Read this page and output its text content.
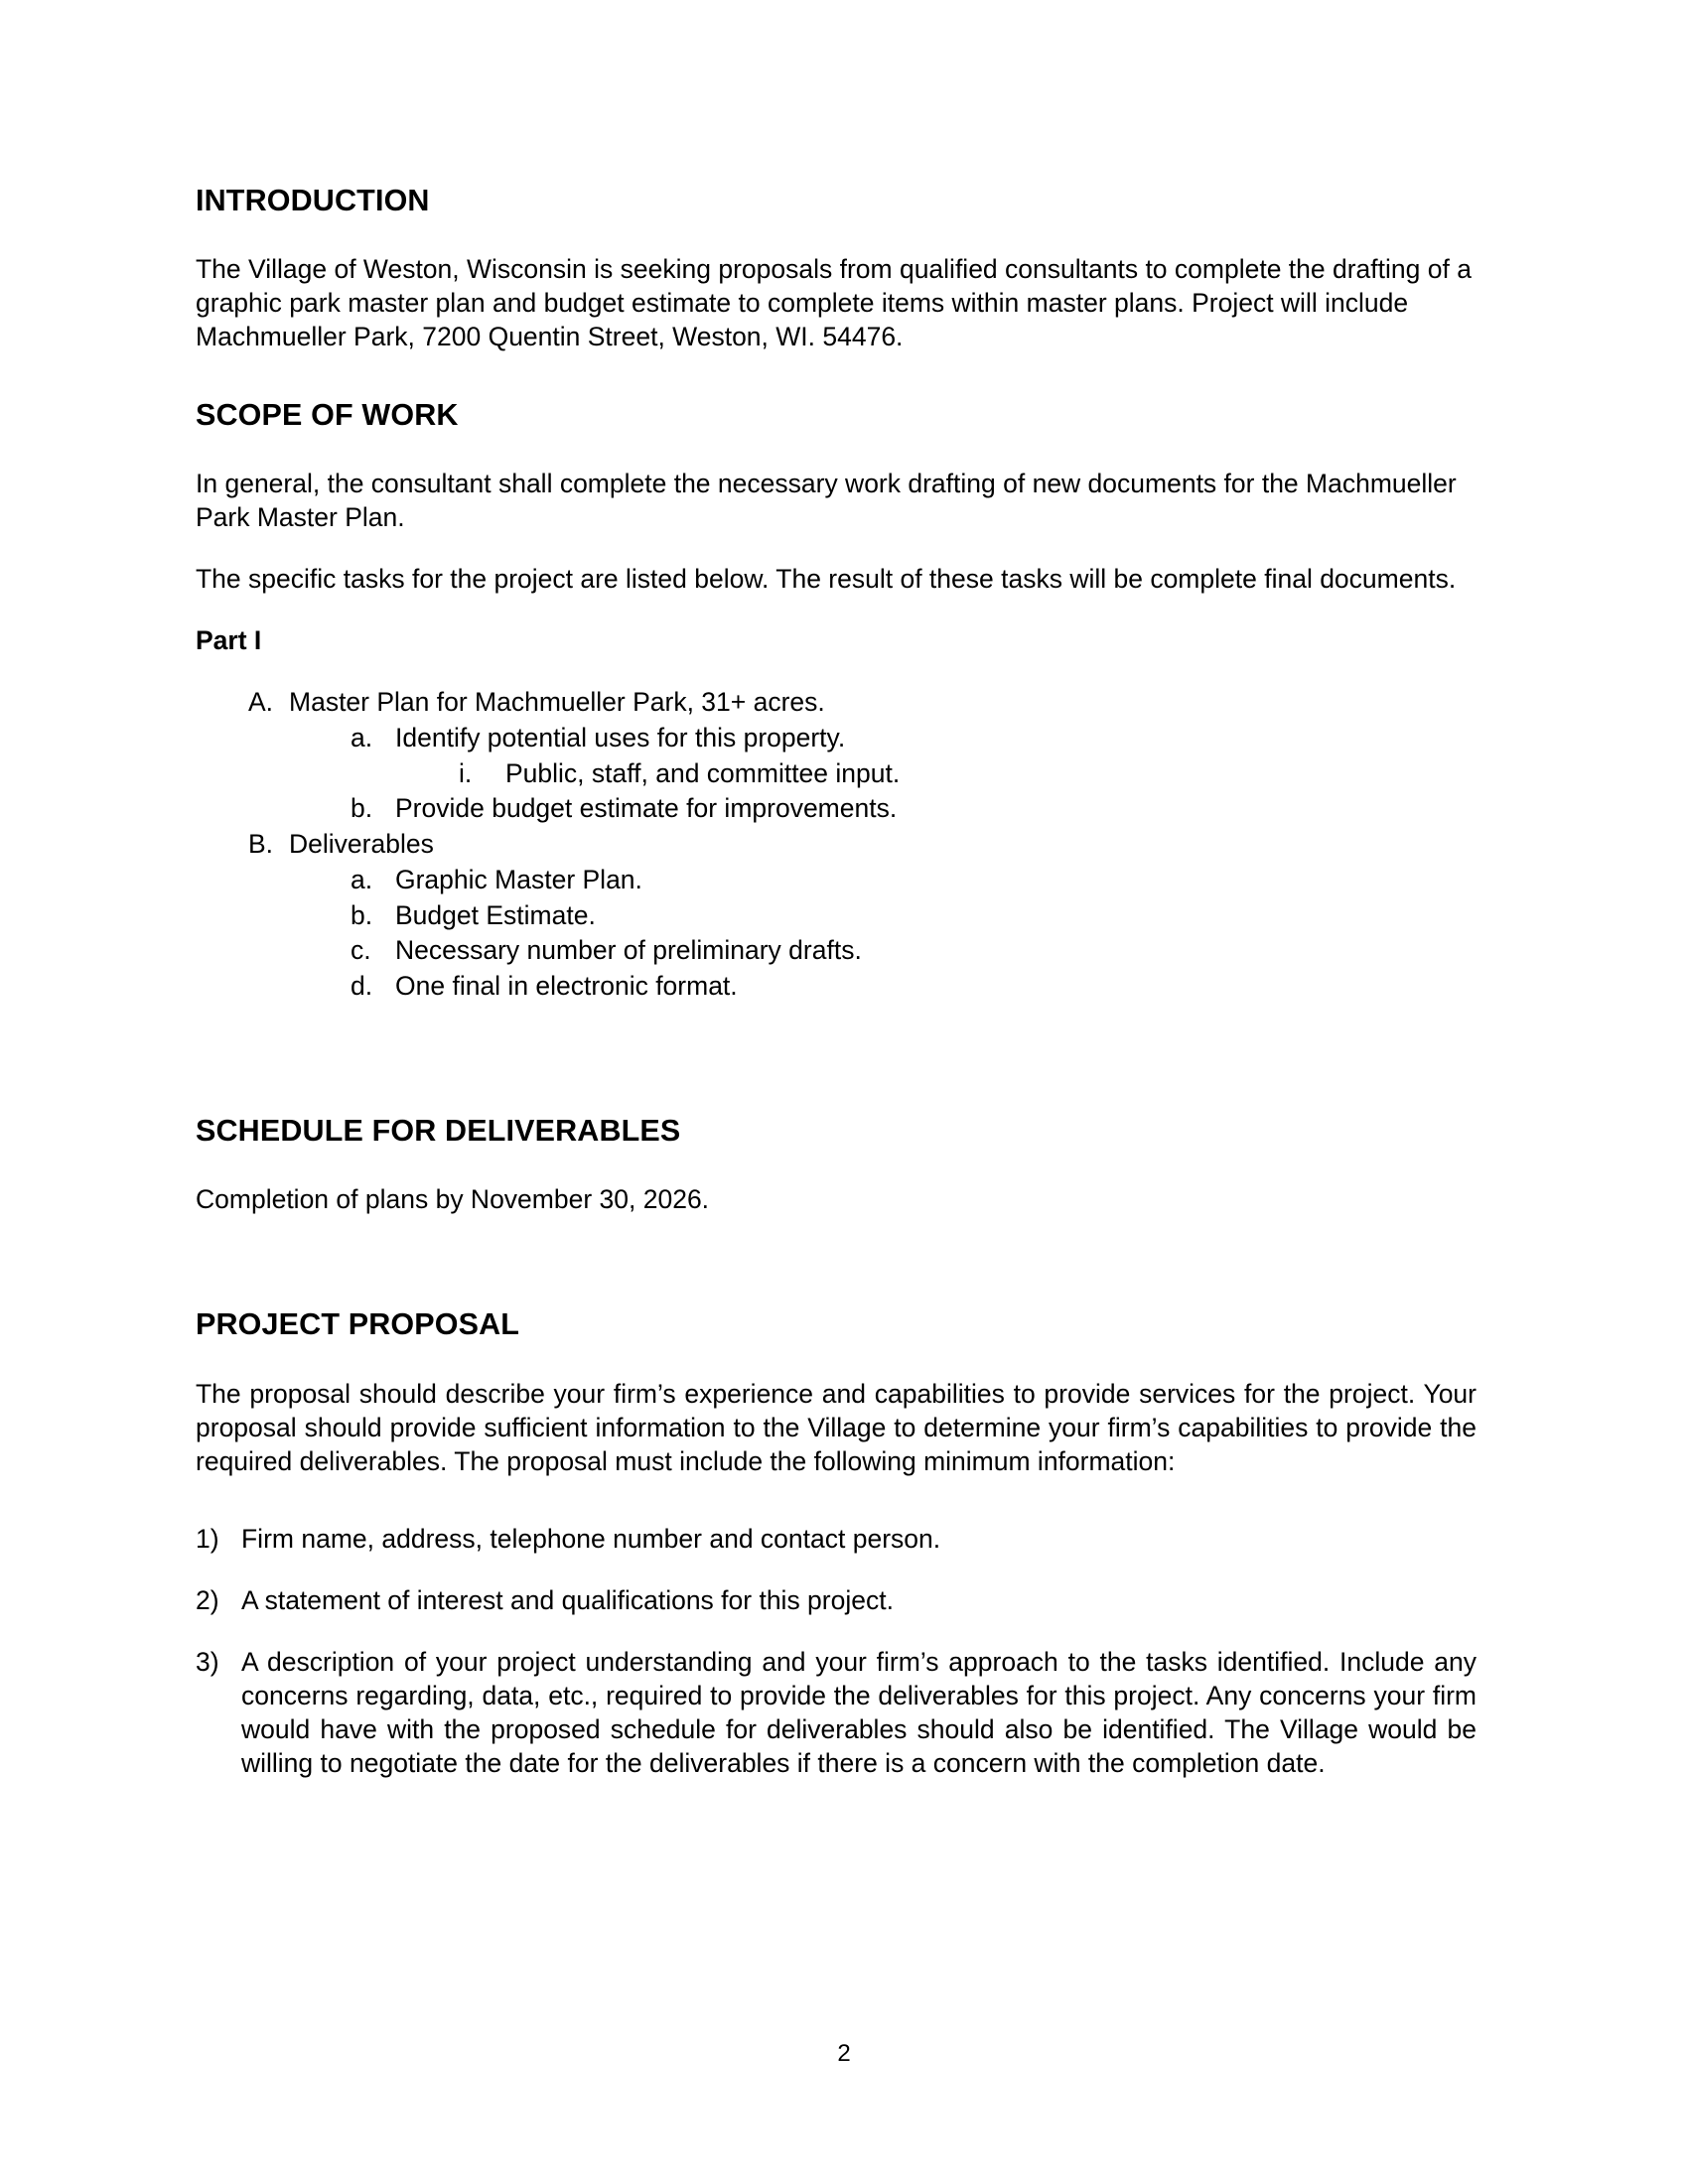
INTRODUCTION

The Village of Weston, Wisconsin is seeking proposals from qualified consultants to complete the drafting of a graphic park master plan and budget estimate to complete items within master plans. Project will include Machmueller Park, 7200 Quentin Street, Weston, WI. 54476.

SCOPE OF WORK

In general, the consultant shall complete the necessary work drafting of new documents for the Machmueller Park Master Plan.

The specific tasks for the project are listed below. The result of these tasks will be complete final documents.

Part I

A. Master Plan for Machmueller Park, 31+ acres.
a. Identify potential uses for this property.
i.	Public, staff, and committee input.
b. Provide budget estimate for improvements.
B. Deliverables
a. Graphic Master Plan.
b. Budget Estimate.
c. Necessary number of preliminary drafts.
d. One final in electronic format.
SCHEDULE FOR DELIVERABLES

Completion of plans by November 30, 2026.

PROJECT PROPOSAL

The proposal should describe your firm’s experience and capabilities to provide services for the project. Your proposal should provide sufficient information to the Village to determine your firm’s capabilities to provide the required deliverables. The proposal must include the following minimum information:

1) Firm name, address, telephone number and contact person.
2) A statement of interest and qualifications for this project.
3) A description of your project understanding and your firm’s approach to the tasks identified. Include any concerns regarding, data, etc., required to provide the deliverables for this project. Any concerns your firm would have with the proposed schedule for deliverables should also be identified. The Village would be willing to negotiate the date for the deliverables if there is a concern with the completion date.
2
